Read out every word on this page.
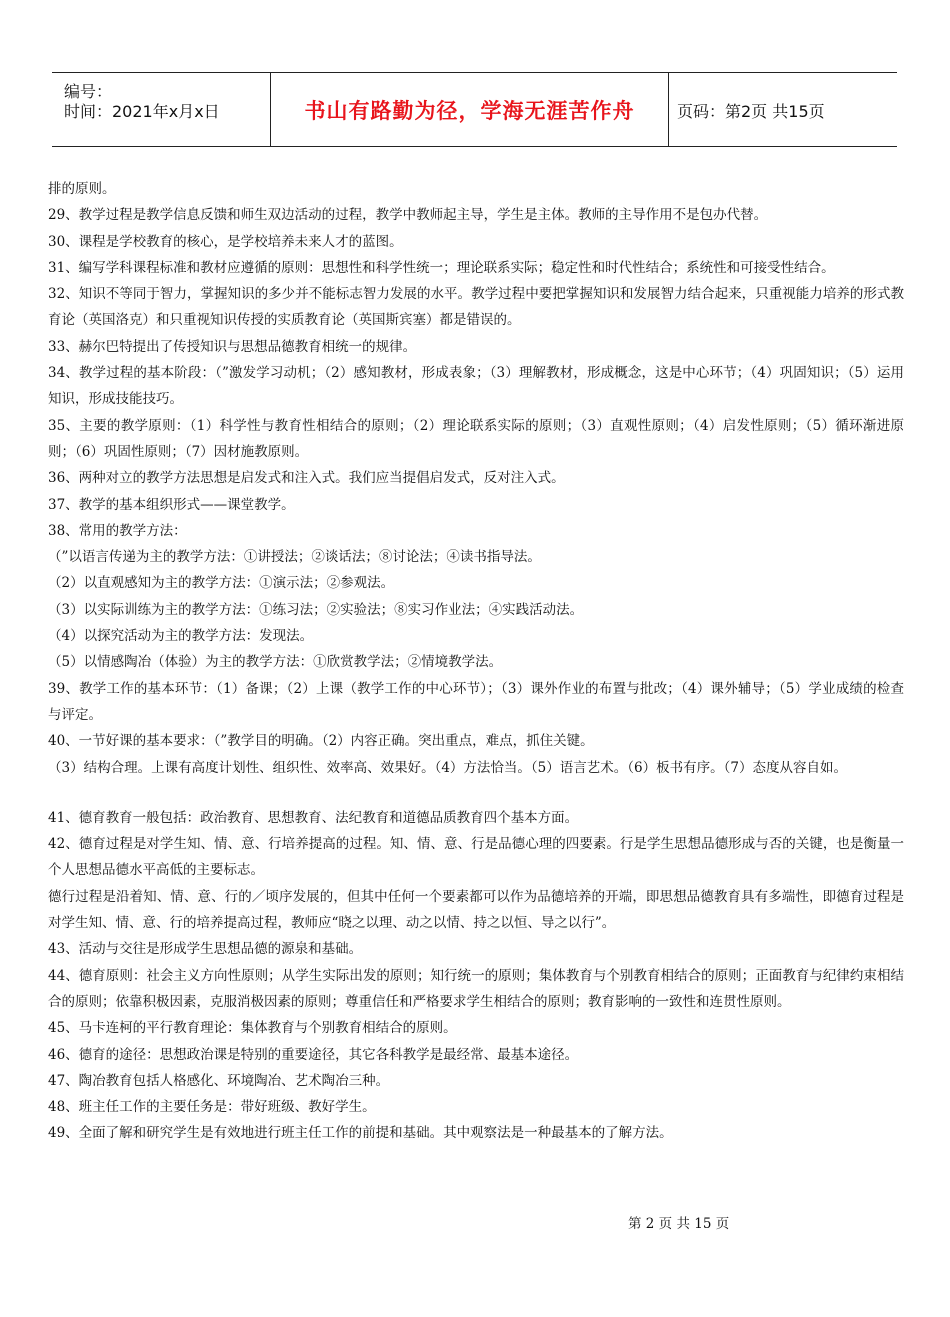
编号：
时间：2021年x月x日	书山有路勤为径，学海无涯苦作舟	页码：第2页 共15页

排的原则。

29、教学过程是教学信息反馈和师生双边活动的过程，教学中教师起主导，学生是主体。教师的主导作用不是包办代替。

30、课程是学校教育的核心，是学校培养未来人才的蓝图。

31、编写学科课程标准和教材应遵循的原则：思想性和科学性统一；理论联系实际；稳定性和时代性结合；系统性和可接受性结合。

32、知识不等同于智力，掌握知识的多少并不能标志智力发展的水平。教学过程中要把掌握知识和发展智力结合起来，只重视能力培养的形式教育论（英国洛克）和只重视知识传授的实质教育论（英国斯宾塞）都是错误的。

33、赫尔巴特提出了传授知识与思想品德教育相统一的规律。

34、教学过程的基本阶段：（”激发学习动机；（2）感知教材，形成表象；（3）理解教材，形成概念，这是中心环节；（4）巩固知识；（5）运用知识，形成技能技巧。

35、主要的教学原则：（1）科学性与教育性相结合的原则；（2）理论联系实际的原则；（3）直观性原则；（4）启发性原则；（5）循环渐进原则；（6）巩固性原则；（7）因材施教原则。

36、两种对立的教学方法思想是启发式和注入式。我们应当提倡启发式，反对注入式。

37、教学的基本组织形式——课堂教学。

38、常用的教学方法：

（”以语言传递为主的教学方法：①讲授法；②谈话法；⑧讨论法；④读书指导法。

（2）以直观感知为主的教学方法：①演示法；②参观法。

（3）以实际训练为主的教学方法：①练习法；②实验法；⑧实习作业法；④实践活动法。

（4）以探究活动为主的教学方法：发现法。

（5）以情感陶冶（体验）为主的教学方法：①欣赏教学法；②情境教学法。

39、教学工作的基本环节：（1）备课；（2）上课（教学工作的中心环节）；（3）课外作业的布置与批改；（4）课外辅导；（5）学业成绩的检查与评定。

40、一节好课的基本要求：（”教学目的明确。（2）内容正确。突出重点，难点，抓住关键。

（3）结构合理。上课有高度计划性、组织性、效率高、效果好。（4）方法恰当。（5）语言艺术。（6）板书有序。（7）态度从容自如。

41、德育教育一般包括：政治教育、思想教育、法纪教育和道德品质教育四个基本方面。

42、德育过程是对学生知、情、意、行培养提高的过程。知、情、意、行是品德心理的四要素。行是学生思想品德形成与否的关键，也是衡量一个人思想品德水平高低的主要标志。

德行过程是沿着知、情、意、行的／顷序发展的，但其中任何一个要素都可以作为品德培养的开端，即思想品德教育具有多端性，即德育过程是对学生知、情、意、行的培养提高过程，教师应“晓之以理、动之以情、持之以恒、导之以行”。

43、活动与交往是形成学生思想品德的源泉和基础。

44、德育原则：社会主义方向性原则；从学生实际出发的原则；知行统一的原则；集体教育与个别教育相结合的原则；正面教育与纪律约束相结合的原则；依靠积极因素，克服消极因素的原则；尊重信任和严格要求学生相结合的原则；教育影响的一致性和连贯性原则。

45、马卡连柯的平行教育理论：集体教育与个别教育相结合的原则。

46、德育的途径：思想政治课是特别的重要途径，其它各科教学是最经常、最基本途径。

47、陶冶教育包括人格感化、环境陶冶、艺术陶冶三种。

48、班主任工作的主要任务是：带好班级、教好学生。

49、全面了解和研究学生是有效地进行班主任工作的前提和基础。其中观察法是一种最基本的了解方法。

第 2 页 共 15 页
